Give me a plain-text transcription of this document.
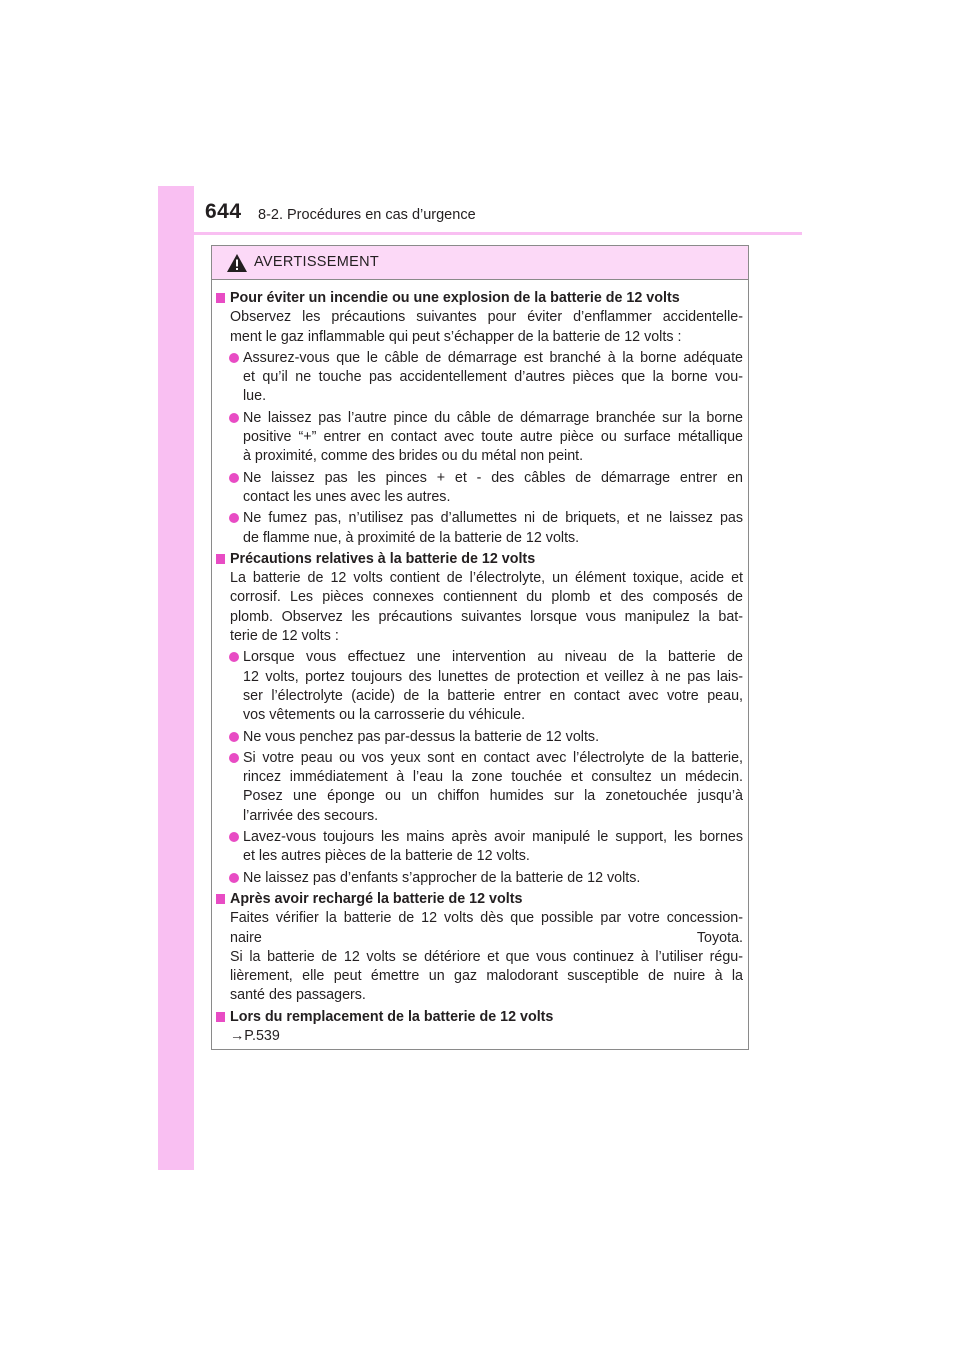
644 8-2. Procédures en cas d’urgence
AVERTISSEMENT
Pour éviter un incendie ou une explosion de la batterie de 12 volts
Observez les précautions suivantes pour éviter d’enflammer accidentelle-
ment le gaz inflammable qui peut s’échapper de la batterie de 12 volts :
Assurez-vous que le câble de démarrage est branché à la borne adéquate
et qu’il ne touche pas accidentellement d’autres pièces que la borne vou-
lue.
Ne laissez pas l’autre pince du câble de démarrage branchée sur la borne
positive “+” entrer en contact avec toute autre pièce ou surface métallique
à proximité, comme des brides ou du métal non peint.
Ne laissez pas les pinces + et - des câbles de démarrage entrer en
contact les unes avec les autres.
Ne fumez pas, n’utilisez pas d’allumettes ni de briquets, et ne laissez pas
de flamme nue, à proximité de la batterie de 12 volts.
Précautions relatives à la batterie de 12 volts
La batterie de 12 volts contient de l’électrolyte, un élément toxique, acide et
corrosif. Les pièces connexes contiennent du plomb et des composés de
plomb. Observez les précautions suivantes lorsque vous manipulez la bat-
terie de 12 volts :
Lorsque vous effectuez une intervention au niveau de la batterie de
12 volts, portez toujours des lunettes de protection et veillez à ne pas lais-
ser l’électrolyte (acide) de la batterie entrer en contact avec votre peau,
vos vêtements ou la carrosserie du véhicule.
Ne vous penchez pas par-dessus la batterie de 12 volts.
Si votre peau ou vos yeux sont en contact avec l’électrolyte de la batterie,
rincez immédiatement à l’eau la zone touchée et consultez un médecin.
Posez une éponge ou un chiffon humides sur la zonetouchée jusqu’à
l’arrivée des secours.
Lavez-vous toujours les mains après avoir manipulé le support, les bornes
et les autres pièces de la batterie de 12 volts.
Ne laissez pas d’enfants s’approcher de la batterie de 12 volts.
Après avoir rechargé la batterie de 12 volts
Faites vérifier la batterie de 12 volts dès que possible par votre concession-
naire Toyota.
Si la batterie de 12 volts se détériore et que vous continuez à l’utiliser régu-
lièrement, elle peut émettre un gaz malodorant susceptible de nuire à la
santé des passagers.
Lors du remplacement de la batterie de 12 volts
→P.539
